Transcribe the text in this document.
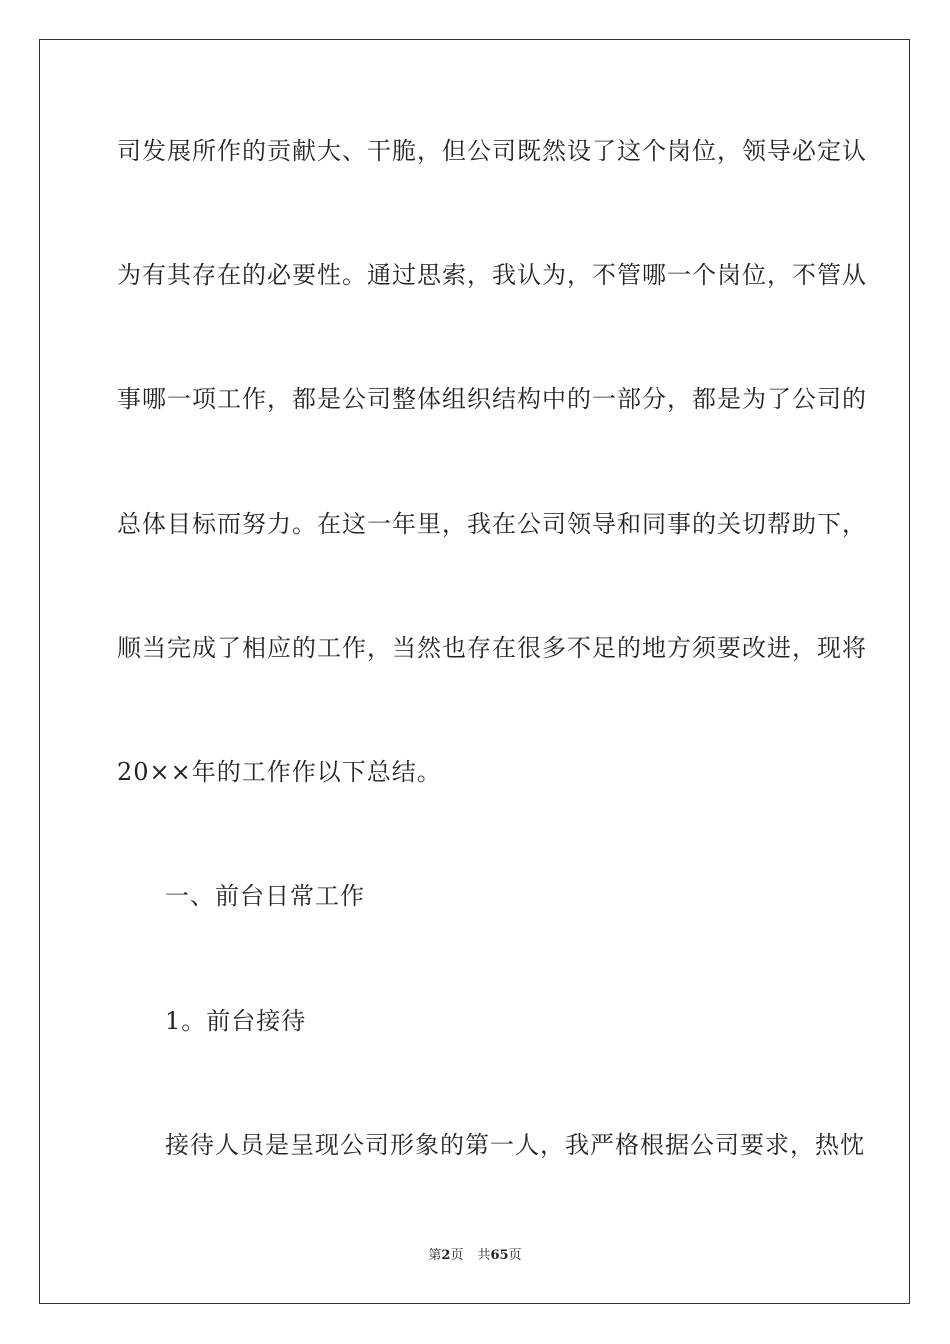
司发展所作的贡献大、干脆，但公司既然设了这个岗位，领导必定认
为有其存在的必要性。通过思索，我认为，不管哪一个岗位，不管从
事哪一项工作，都是公司整体组织结构中的一部分，都是为了公司的
总体目标而努力。在这一年里，我在公司领导和同事的关切帮助下，
顺当完成了相应的工作，当然也存在很多不足的地方须要改进，现将
20××年的工作作以下总结。
一、前台日常工作
1。前台接待
接待人员是呈现公司形象的第一人，我严格根据公司要求，热忱
第2页 共65页
